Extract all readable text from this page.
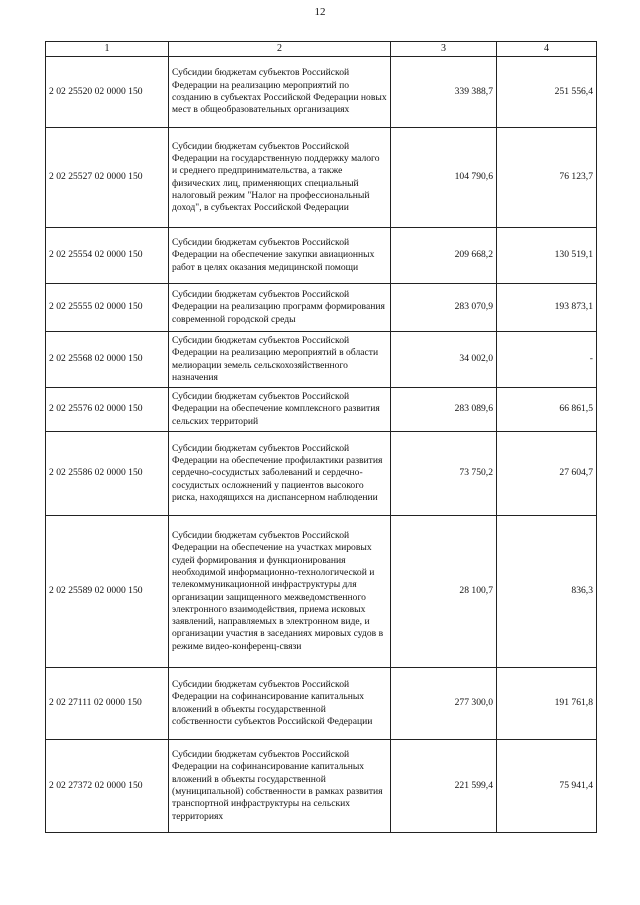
12
1	2	3	4
2 02 25520 02 0000 150	Субсидии бюджетам субъектов Российской Федерации на реализацию мероприятий по созданию в субъектах Российской Федерации новых мест в общеобразовательных организациях	339 388,7	251 556,4
2 02 25527 02 0000 150	Субсидии бюджетам субъектов Российской Федерации на государственную поддержку малого и среднего предпринимательства, а также физических лиц, применяющих специальный налоговый режим "Налог на профессиональный доход", в субъектах Российской Федерации	104 790,6	76 123,7
2 02 25554 02 0000 150	Субсидии бюджетам субъектов Российской Федерации на обеспечение закупки авиационных работ в целях оказания медицинской помощи	209 668,2	130 519,1
2 02 25555 02 0000 150	Субсидии бюджетам субъектов Российской Федерации на реализацию программ формирования современной городской среды	283 070,9	193 873,1
2 02 25568 02 0000 150	Субсидии бюджетам субъектов Российской Федерации на реализацию мероприятий в области мелиорации земель сельскохозяйственного назначения	34 002,0	-
2 02 25576 02 0000 150	Субсидии бюджетам субъектов Российской Федерации на обеспечение комплексного развития сельских территорий	283 089,6	66 861,5
2 02 25586 02 0000 150	Субсидии бюджетам субъектов Российской Федерации на обеспечение профилактики развития сердечно-сосудистых заболеваний и сердечно-сосудистых осложнений у пациентов высокого риска, находящихся на диспансерном наблюдении	73 750,2	27 604,7
2 02 25589 02 0000 150	Субсидии бюджетам субъектов Российской Федерации на обеспечение на участках мировых судей формирования и функционирования необходимой информационно-технологической и телекоммуникационной инфраструктуры для организации защищенного межведомственного электронного взаимодействия, приема исковых заявлений, направляемых в электронном виде, и организации участия в заседаниях мировых судов в режиме видео-конференц-связи	28 100,7	836,3
2 02 27111 02 0000 150	Субсидии бюджетам субъектов Российской Федерации на софинансирование капитальных вложений в объекты государственной собственности субъектов Российской Федерации	277 300,0	191 761,8
2 02 27372 02 0000 150	Субсидии бюджетам субъектов Российской Федерации на софинансирование капитальных вложений в объекты государственной (муниципальной) собственности в рамках развития транспортной инфраструктуры на сельских территориях	221 599,4	75 941,4
